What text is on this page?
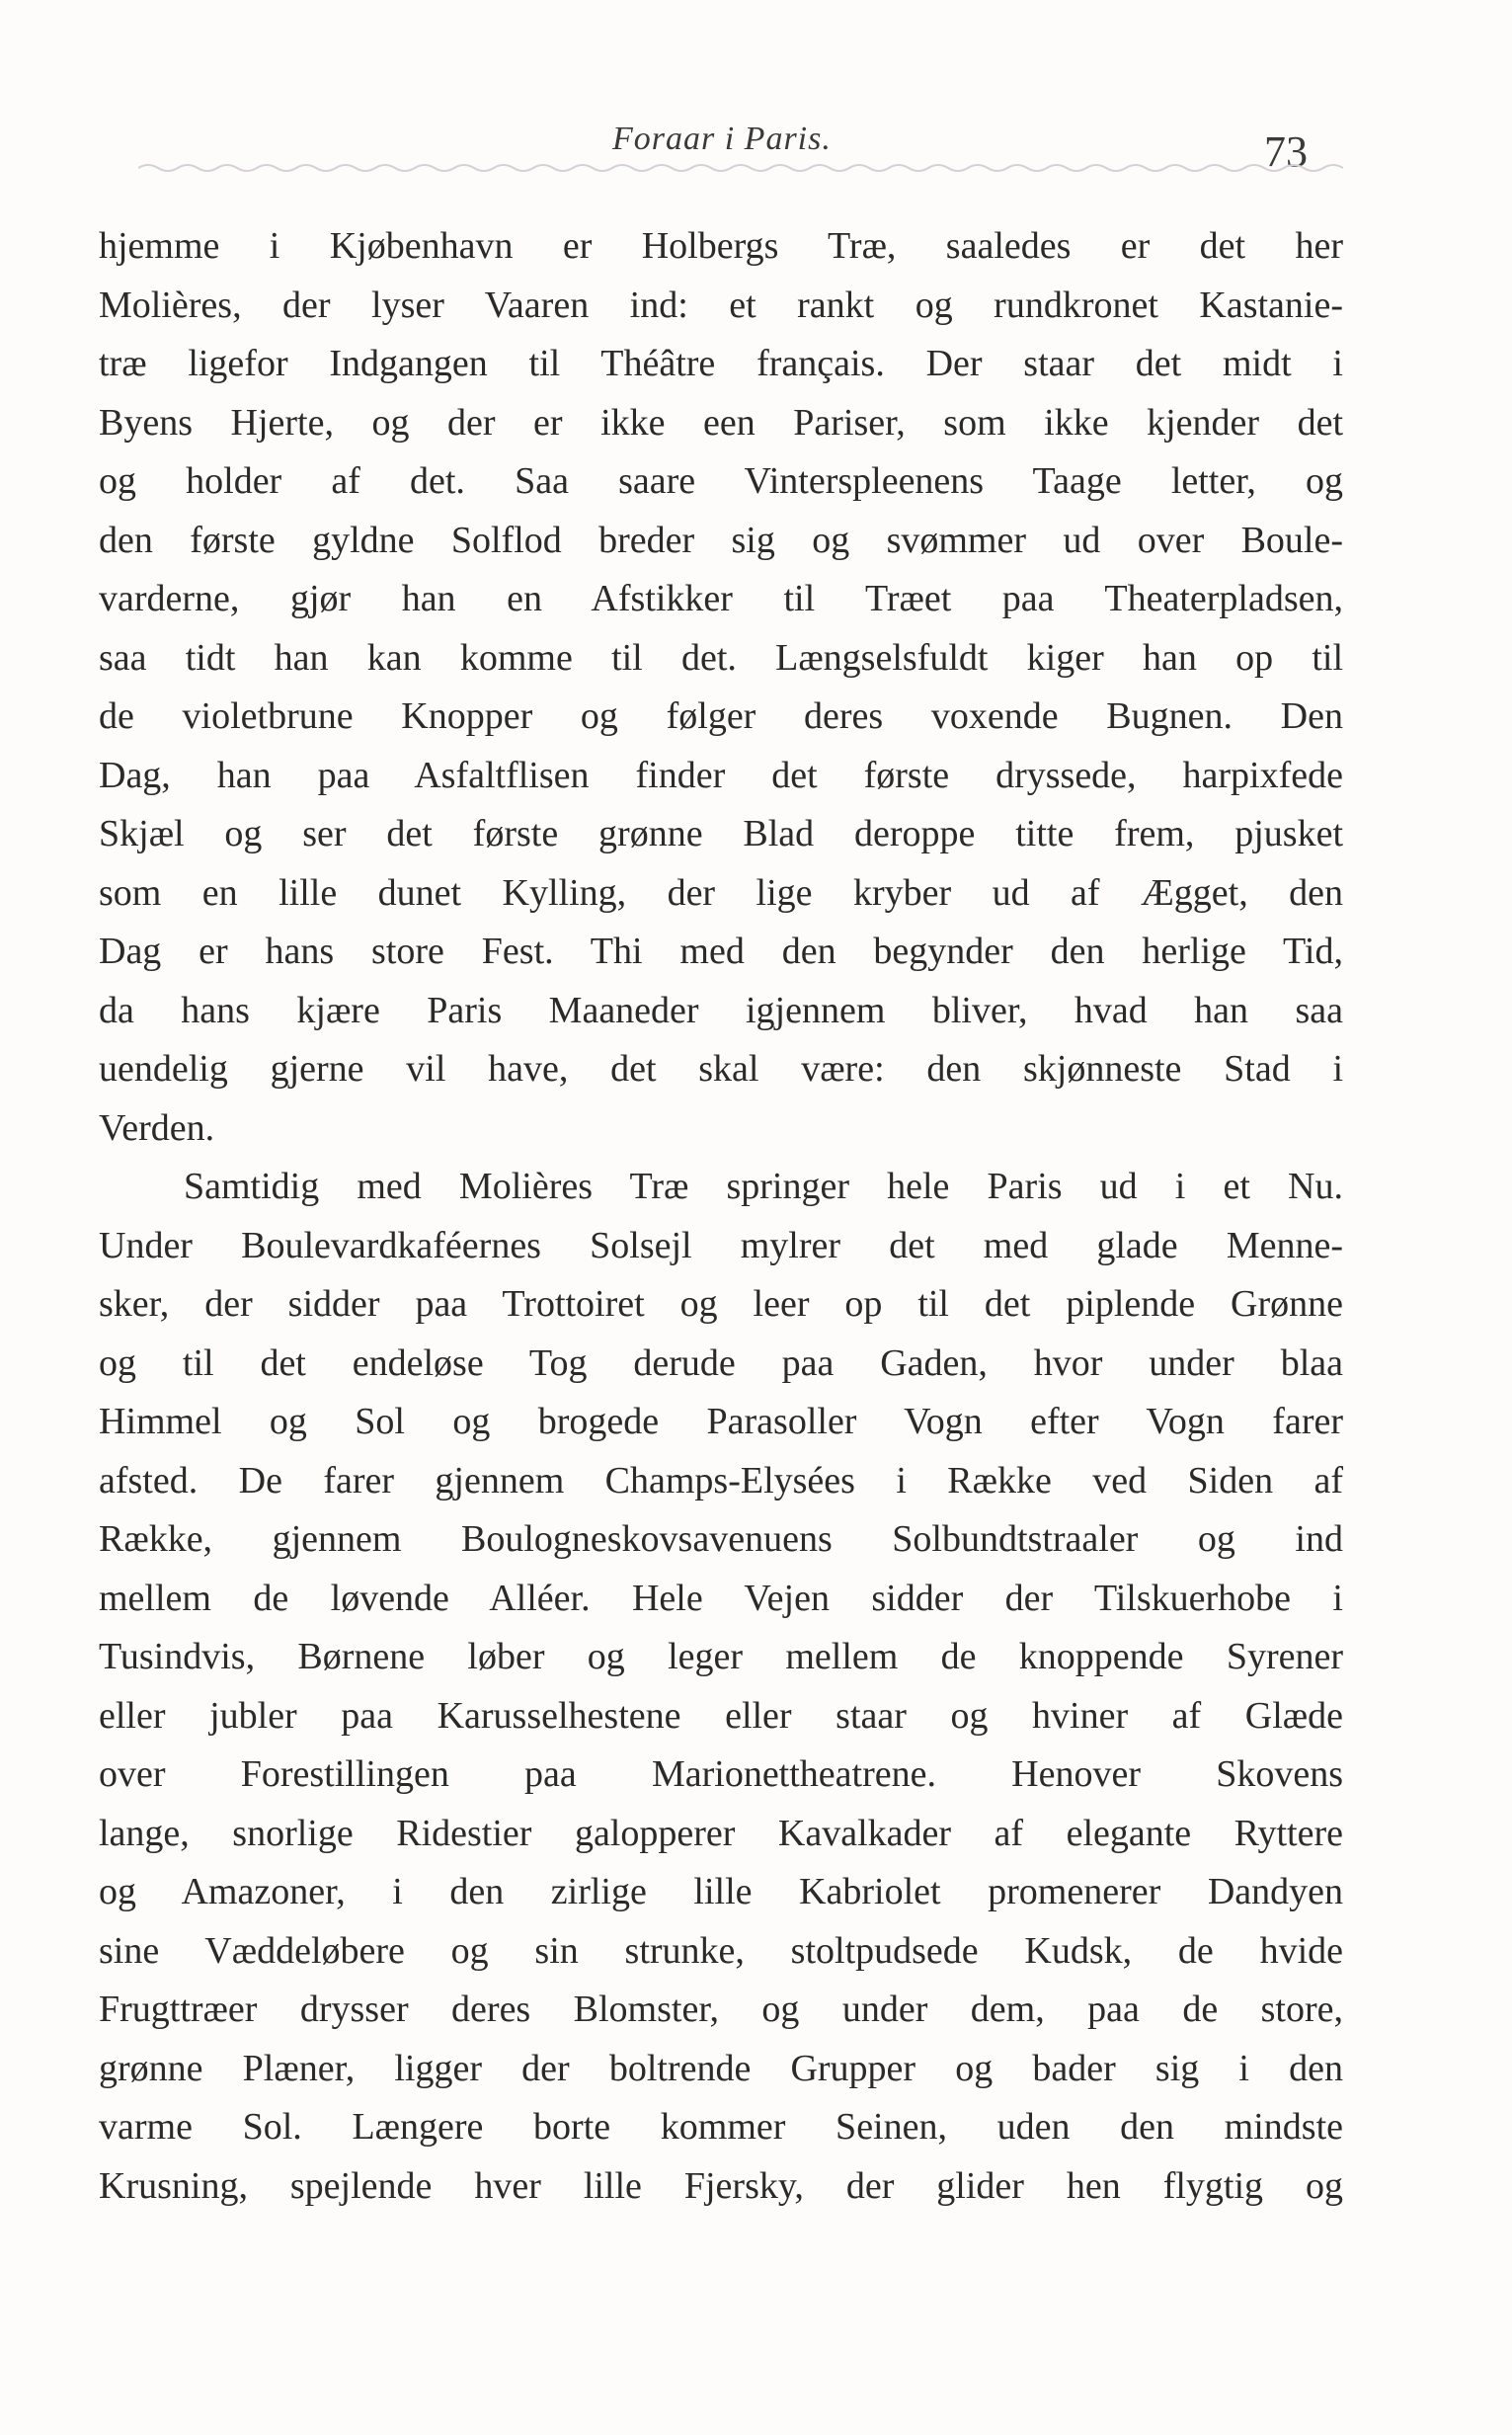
Foraar i Paris.	73
hjemme i Kjøbenhavn er Holbergs Træ, saaledes er det her
Molières, der lyser Vaaren ind: et rankt og rundkronet Kastanie-
træ ligefor Indgangen til Théâtre français. Der staar det midt i
Byens Hjerte, og der er ikke een Pariser, som ikke kjender det
og holder af det. Saa saare Vinterspleenens Taage letter, og
den første gyldne Solflod breder sig og svømmer ud over Boule-
varderne, gjør han en Afstikker til Træet paa Theaterpladsen,
saa tidt han kan komme til det. Længselsfuldt kiger han op til
de violetbrune Knopper og følger deres voxende Bugnen. Den
Dag, han paa Asfaltflisen finder det første dryssede, harpixfede
Skjæl og ser det første grønne Blad deroppe titte frem, pjusket
som en lille dunet Kylling, der lige kryber ud af Ægget, den
Dag er hans store Fest. Thi med den begynder den herlige Tid,
da hans kjære Paris Maaneder igjennem bliver, hvad han saa
uendelig gjerne vil have, det skal være: den skjønneste Stad i
Verden.
Samtidig med Molières Træ springer hele Paris ud i et Nu.
Under Boulevardkaféernes Solsejl mylrer det med glade Menne-
sker, der sidder paa Trottoiret og leer op til det piplende Grønne
og til det endeløse Tog derude paa Gaden, hvor under blaa
Himmel og Sol og brogede Parasoller Vogn efter Vogn farer
afsted. De farer gjennem Champs-Elysées i Række ved Siden af
Række, gjennem Boulogneskovsavenuens Solbundtstraaler og ind
mellem de løvende Alléer. Hele Vejen sidder der Tilskuerhobe i
Tusindvis, Børnene løber og leger mellem de knoppende Syrener
eller jubler paa Karusselhestene eller staar og hviner af Glæde
over Forestillingen paa Marionettheatrene. Henover Skovens
lange, snorlige Ridestier galopperer Kavalkader af elegante Ryttere
og Amazoner, i den zirlige lille Kabriolet promenerer Dandyen
sine Væddeløbere og sin strunke, stoltpudsede Kudsk, de hvide
Frugttræer drysser deres Blomster, og under dem, paa de store,
grønne Plæner, ligger der boltrende Grupper og bader sig i den
varme Sol. Længere borte kommer Seinen, uden den mindste
Krusning, spejlende hver lille Fjersky, der glider hen flygtig og
